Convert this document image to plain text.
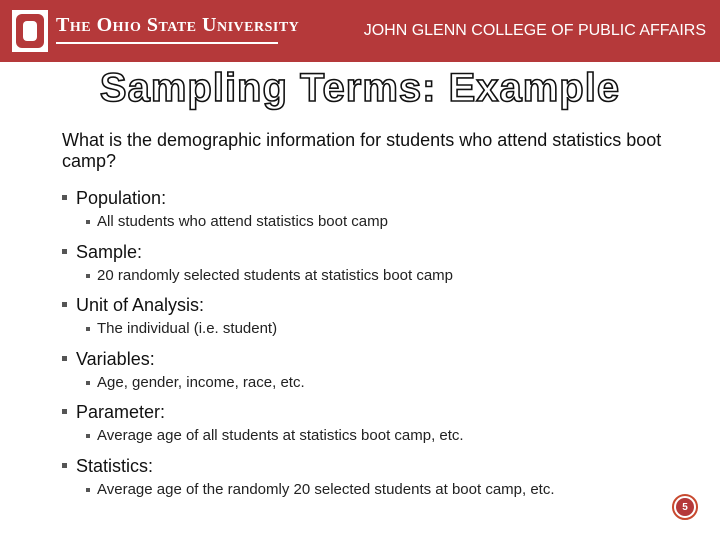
The Ohio State University	JOHN GLENN COLLEGE OF PUBLIC AFFAIRS
Sampling Terms: Example
What is the demographic information for students who attend statistics boot camp?
Population:
All students who attend statistics boot camp
Sample:
20 randomly selected students at statistics boot camp
Unit of Analysis:
The individual (i.e. student)
Variables:
Age, gender, income, race, etc.
Parameter:
Average age of all students at statistics boot camp, etc.
Statistics:
Average age of the randomly 20 selected students at boot camp, etc.
5
